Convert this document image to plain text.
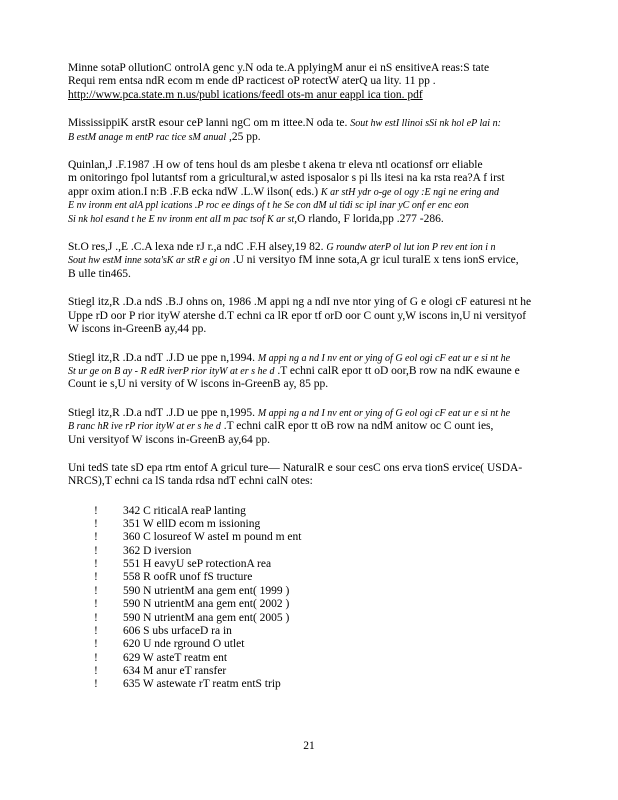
Minne sotaP ollutionC ontrolA genc y.N oda te.A pplyingM anur ei nS ensitiveA reas:S tate
Requi rem entsa ndR ecom m ende dP racticest oP rotectW aterQ ua lity. 11 pp .
http://www.pca.state.m n.us/publ ications/feedl ots-m anur eappl ica tion. pdf
MississippiK arstR esour ceP lanni ngC om m ittee.N oda te. Sout hw estI llinoi sSi nk hol eP lai n:
B estM anage m entP rac tice sM anual ,25 pp.
Quinlan,J .F.1987 .H ow of tens houl ds am plesbe t akena tr eleva ntl ocationsf orr eliable
m onitoringo fpol lutantsf rom a gricultural,w asted isposalor s pi lls itesi na ka rsta rea?A f irst
appr oxim ation.I n:B .F.B ecka ndW .L.W ilson( eds.) K ar stH ydr o-ge ol ogy :E ngi ne ering and
E nv ironm ent alA ppl ications .P roc ee dings of t he Se con dM ul tidi sc ipl inar yC onf er enc eon
Si nk hol esand t he E nv ironm ent alI m pac tsof K ar st,O rlando, F lorida,pp .277 -286.
St.O res,J .,E .C.A lexa nde rJ r.,a ndC .F.H alsey,19 82. G roundw aterP ol lut ion P rev ent ion i n
Sout hw estM inne sota'sK ar stR e gi on .U ni versityo fM inne sota,A gr icul turalE x tens ionS ervice,
B ulle tin465.
Stiegl itz,R .D.a ndS .B.J ohns on, 1986 .M appi ng a ndI nve ntor ying of G e ologi cF eaturesi nt he
Uppe rD oor P rior ityW atershe d.T echni ca lR epor tf orD oor C ount y,W iscons in,U ni versityof
W iscons in-GreenB ay,44 pp.
Stiegl itz,R .D.a ndT .J.D ue ppe n,1994. M appi ng a nd I nv ent or ying of G eol ogi cF eat ur e si nt he
St ur ge on B ay - R edR iverP rior ityW at er s he d .T echni calR epor tt oD oor,B row na ndK ewaune e
Count ie s,U ni versity of W iscons in-GreenB ay, 85 pp.
Stiegl itz,R .D.a ndT .J.D ue ppe n,1995. M appi ng a nd I nv ent or ying of G eol ogi cF eat ur e si nt he
B ranc hR ive rP rior ityW at er s he d .T echni calR epor tt oB row na ndM anitow oc C ount ies,
Uni versityof W iscons in-GreenB ay,64 pp.
Uni tedS tate sD epa rtm entof A gricul ture— NaturalR e sour cesC ons erva tionS ervice( USDA-
NRCS),T echni ca lS tanda rdsa ndT echni calN otes:
!	342 C riticalA reaP lanting
!	351 W ellD ecom m issioning
!	360 C losureof W asteI m pound m ent
!	362 D iversion
!	551 H eavyU seP rotectionA rea
!	558 R oofR unof fS tructure
!	590 N utrientM ana gem ent( 1999 )
!	590 N utrientM ana gem ent( 2002 )
!	590 N utrientM ana gem ent( 2005 )
!	606 S ubs urfaceD ra in
!	620 U nde rground O utlet
!	629 W asteT reatm ent
!	634 M anur eT ransfer
!	635 W astewate rT reatm entS trip
21
